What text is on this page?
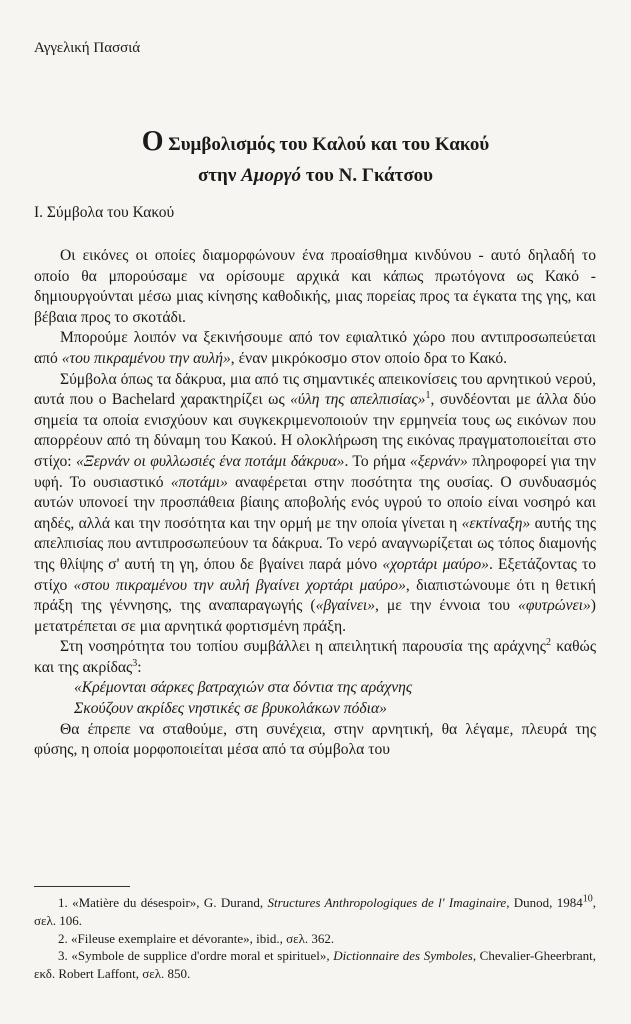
Αγγελική Πασσιά
Ο Συμβολισμός του Καλού και του Κακού
στην Αμοργό του Ν. Γκάτσου
Ι. Σύμβολα του Κακού

Οι εικόνες οι οποίες διαμορφώνουν ένα προαίσθημα κινδύνου - αυτό δηλαδή το οποίο θα μπορούσαμε να ορίσουμε αρχικά και κάπως πρωτόγονα ως Κακό - δημιουργούνται μέσω μιας κίνησης καθοδικής, μιας πορείας προς τα έγκατα της γης, και βέβαια προς το σκοτάδι.

Μπορούμε λοιπόν να ξεκινήσουμε από τον εφιαλτικό χώρο που αντιπροσωπεύεται από «του πικραμένου την αυλή», έναν μικρόκοσμο στον οποίο δρα το Κακό.

Σύμβολα όπως τα δάκρυα, μια από τις σημαντικές απεικονίσεις του αρνητικού νερού, αυτά που ο Bachelard χαρακτηρίζει ως «ύλη της απελπισίας»$^1$, συνδέονται με άλλα δύο σημεία τα οποία ενισχύουν και συγκεκριμενοποιούν την ερμηνεία τους ως εικόνων που απορρέουν από τη δύναμη του Κακού. Η ολοκλήρωση της εικόνας πραγματοποιείται στο στίχο: «Ξερνάν οι φυλλωσιές ένα ποτάμι δάκρυα». Το ρήμα «ξερνάν» πληροφορεί για την υφή. Το ουσιαστικό «ποτάμι» αναφέρεται στην ποσότητα της ουσίας. Ο συνδυασμός αυτών υπονοεί την προσπάθεια βίαιης αποβολής ενός υγρού το οποίο είναι νοσηρό και αηδές, αλλά και την ποσότητα και την ορμή με την οποία γίνεται η «εκτίναξη» αυτής της απελπισίας που αντιπροσωπεύουν τα δάκρυα. Το νερό αναγνωρίζεται ως τόπος διαμονής της θλίψης σ' αυτή τη γη, όπου δε βγαίνει παρά μόνο «χορτάρι μαύρο». Εξετάζοντας το στίχο «στου πικραμένου την αυλή βγαίνει χορτάρι μαύρο», διαπιστώνουμε ότι η θετική πράξη της γέννησης, της αναπαραγωγής («βγαίνει», με την έννοια του «φυτρώνει») μετατρέπεται σε μια αρνητικά φορτισμένη πράξη.

Στη νοσηρότητα του τοπίου συμβάλλει η απειλητική παρουσία της αράχνης$^2$ καθώς και της ακρίδας$^3$:

«Κρέμονται σάρκες βατραχιών στα δόντια της αράχνης
Σκούζουν ακρίδες νηστικές σε βρυκολάκων πόδια»

Θα έπρεπε να σταθούμε, στη συνέχεια, στην αρνητική, θα λέγαμε, πλευρά της φύσης, η οποία μορφοποιείται μέσα από τα σύμβολα του

1. «Matière du désespoir», G. Durand, Structures Anthropologiques de l' Imaginaire, Dunod, 1984$^{10}$, σελ. 106.

2. «Fileuse exemplaire et dévorante», ibid., σελ. 362.

3. «Symbole de supplice d'ordre moral et spirituel», Dictionnaire des Symboles, Chevalier-Gheerbrant, εκδ. Robert Laffont, σελ. 850.
